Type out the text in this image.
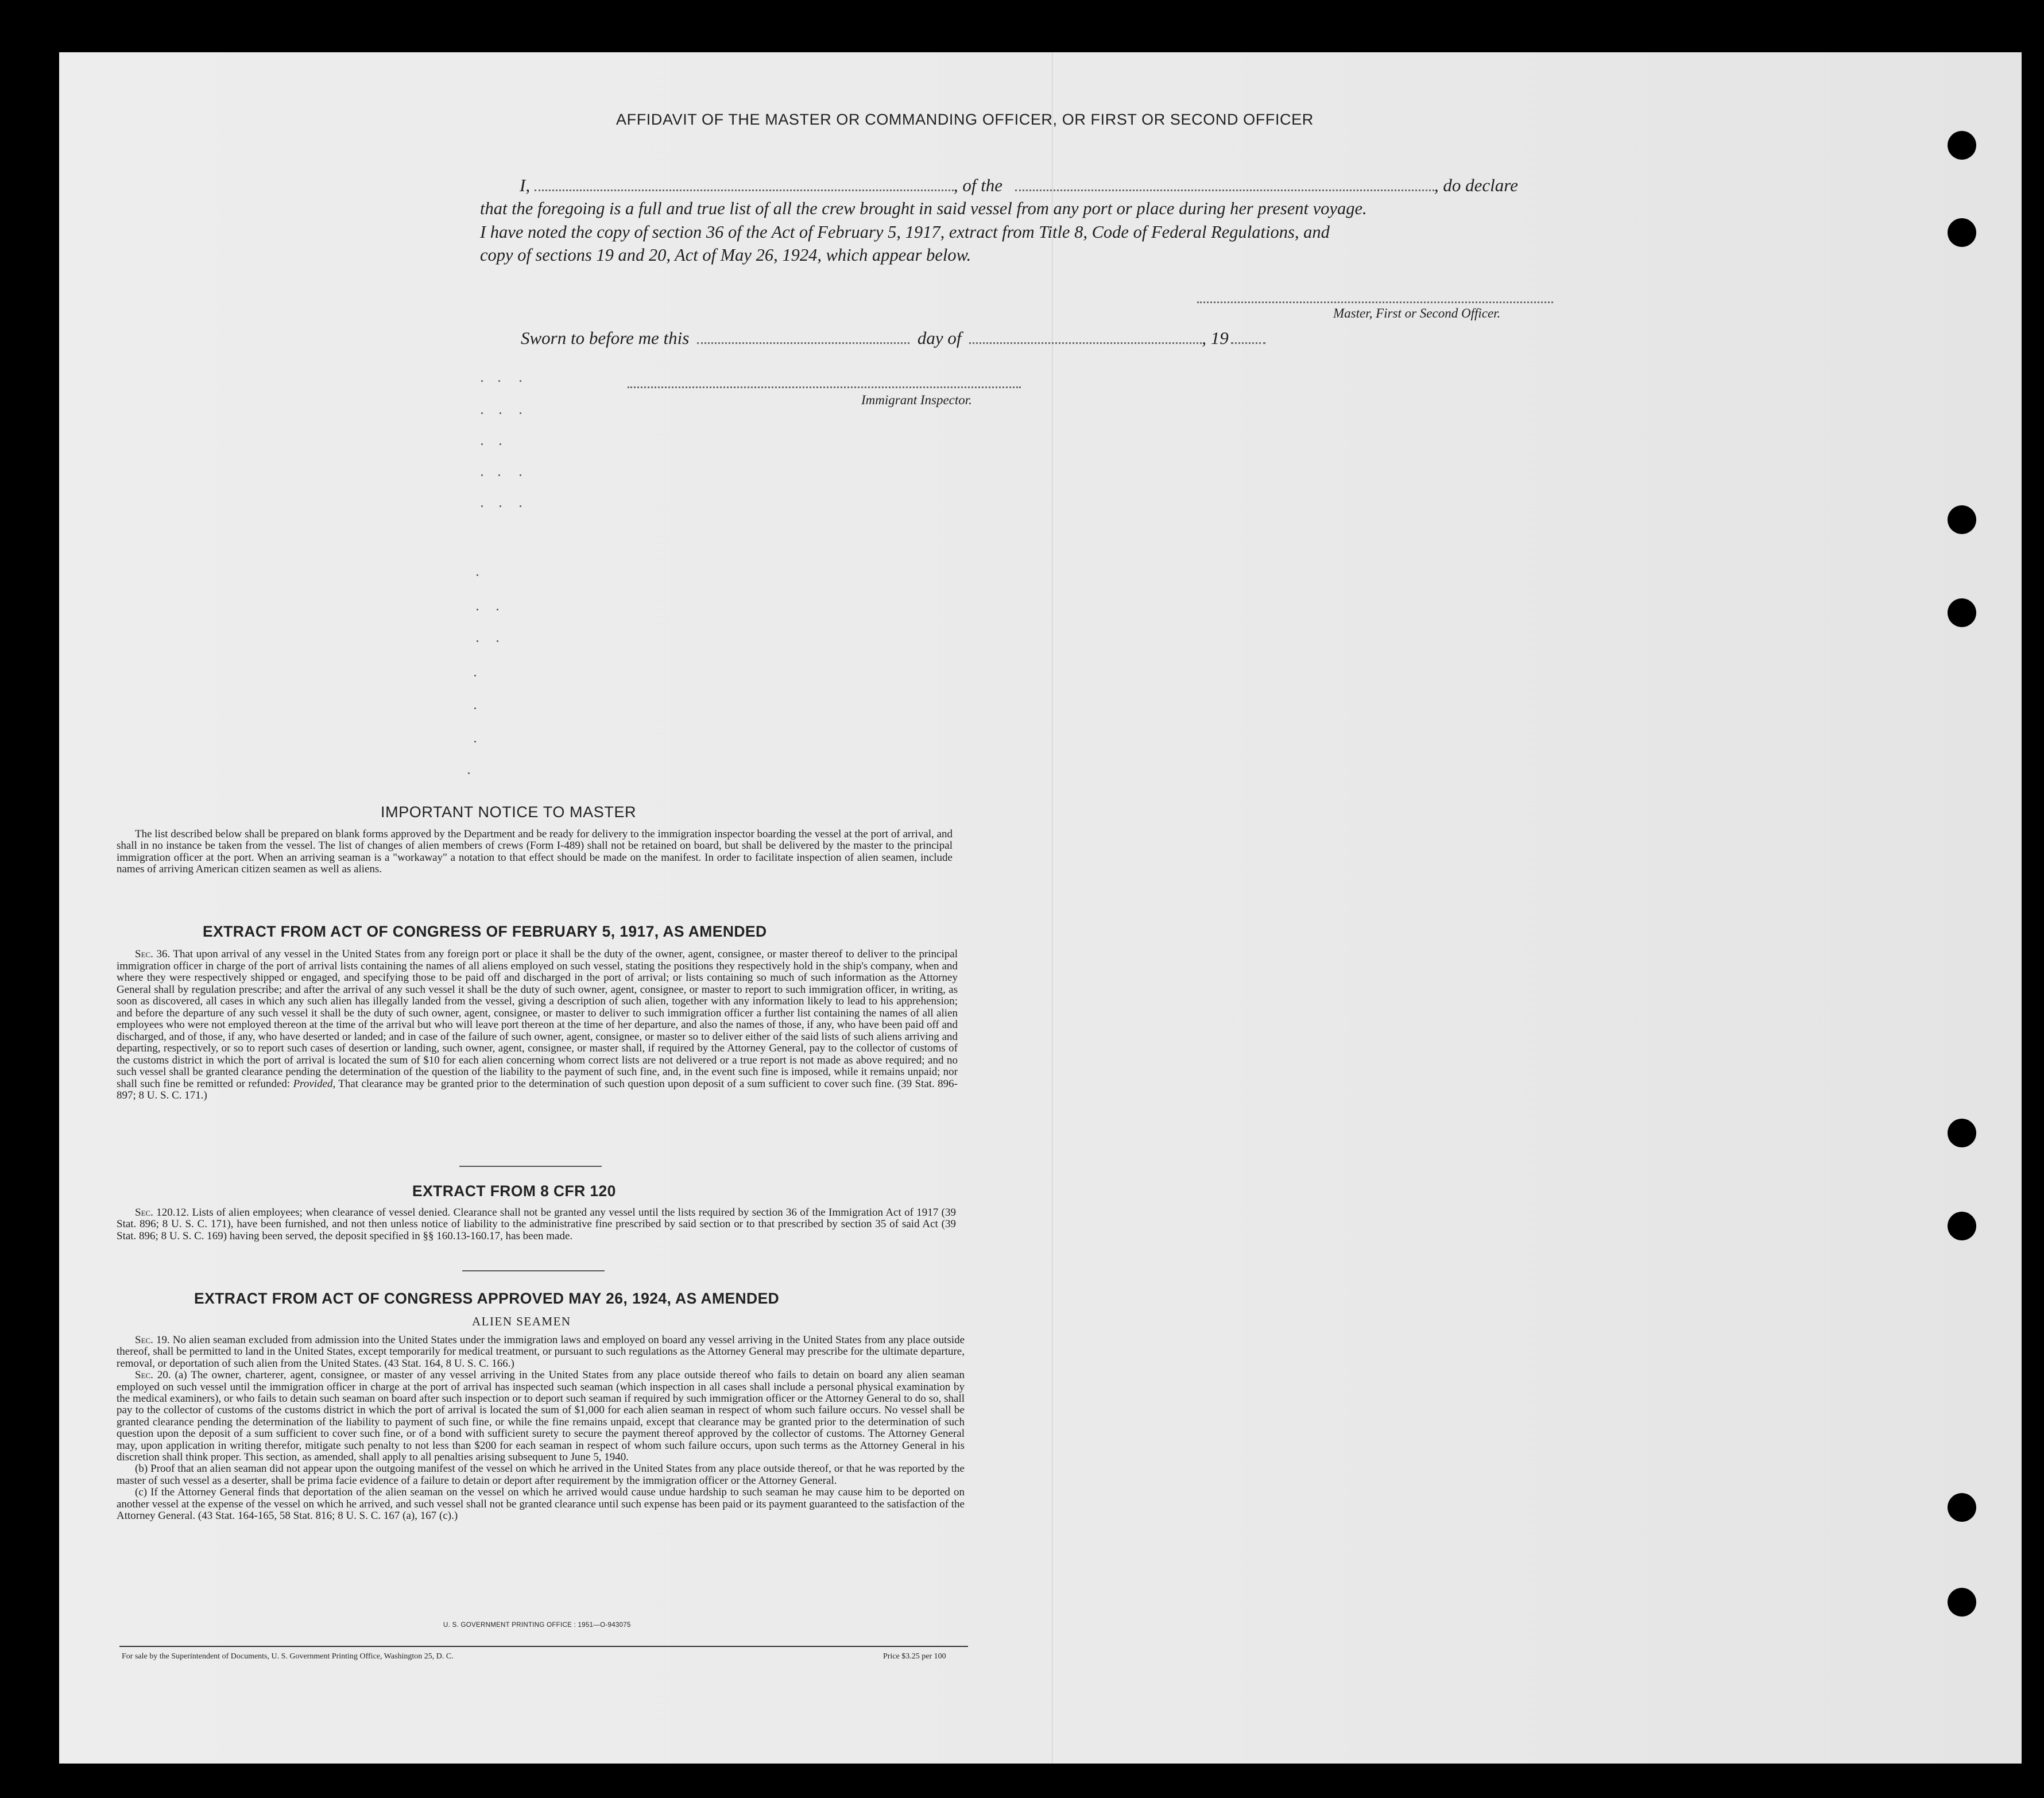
AFFIDAVIT OF THE MASTER OR COMMANDING OFFICER, OR FIRST OR SECOND OFFICER
I,	, of the	, do declare
that the foregoing is a full and true list of all the crew brought in said vessel from any port or place during her present voyage.
I have noted the copy of section 36 of the Act of February 5, 1917, extract from Title 8, Code of Federal Regulations, and
copy of sections 19 and 20, Act of May 26, 1924, which appear below.
Master, First or Second Officer.
Sworn to before me this	day of	, 19
Immigrant Inspector.
IMPORTANT NOTICE TO MASTER
The list described below shall be prepared on blank forms approved by the Department and be ready for delivery to the immigration inspector boarding the vessel at the port of arrival, and shall in no instance be taken from the vessel. The list of changes of alien members of crews (Form I-489) shall not be retained on board, but shall be delivered by the master to the principal immigration officer at the port. When an arriving seaman is a "workaway" a notation to that effect should be made on the manifest. In order to facilitate inspection of alien seamen, include names of arriving American citizen seamen as well as aliens.
EXTRACT FROM ACT OF CONGRESS OF FEBRUARY 5, 1917, AS AMENDED
Sec. 36. That upon arrival of any vessel in the United States from any foreign port or place it shall be the duty of the owner, agent, consignee, or master thereof to deliver to the principal immigration officer in charge of the port of arrival lists containing the names of all aliens employed on such vessel, stating the positions they respectively hold in the ship's company, when and where they were respectively shipped or engaged, and specifying those to be paid off and discharged in the port of arrival; or lists containing so much of such information as the Attorney General shall by regulation prescribe; and after the arrival of any such vessel it shall be the duty of such owner, agent, consignee, or master to report to such immigration officer, in writing, as soon as discovered, all cases in which any such alien has illegally landed from the vessel, giving a description of such alien, together with any information likely to lead to his apprehension; and before the departure of any such vessel it shall be the duty of such owner, agent, consignee, or master to deliver to such immigration officer a further list containing the names of all alien employees who were not employed thereon at the time of the arrival but who will leave port thereon at the time of her departure, and also the names of those, if any, who have been paid off and discharged, and of those, if any, who have deserted or landed; and in case of the failure of such owner, agent, consignee, or master so to deliver either of the said lists of such aliens arriving and departing, respectively, or so to report such cases of desertion or landing, such owner, agent, consignee, or master shall, if required by the Attorney General, pay to the collector of customs of the customs district in which the port of arrival is located the sum of $10 for each alien concerning whom correct lists are not delivered or a true report is not made as above required; and no such vessel shall be granted clearance pending the determination of the question of the liability to the payment of such fine, and, in the event such fine is imposed, while it remains unpaid; nor shall such fine be remitted or refunded: Provided, That clearance may be granted prior to the determination of such question upon deposit of a sum sufficient to cover such fine. (39 Stat. 896-897; 8 U. S. C. 171.)
EXTRACT FROM 8 CFR 120
Sec. 120.12. Lists of alien employees; when clearance of vessel denied. Clearance shall not be granted any vessel until the lists required by section 36 of the Immigration Act of 1917 (39 Stat. 896; 8 U. S. C. 171), have been furnished, and not then unless notice of liability to the administrative fine prescribed by said section or to that prescribed by section 35 of said Act (39 Stat. 896; 8 U. S. C. 169) having been served, the deposit specified in §§ 160.13-160.17, has been made.
EXTRACT FROM ACT OF CONGRESS APPROVED MAY 26, 1924, AS AMENDED
ALIEN SEAMEN

Sec. 19. No alien seaman excluded from admission into the United States under the immigration laws and employed on board any vessel arriving in the United States from any place outside thereof, shall be permitted to land in the United States, except temporarily for medical treatment, or pursuant to such regulations as the Attorney General may prescribe for the ultimate departure, removal, or deportation of such alien from the United States. (43 Stat. 164, 8 U. S. C. 166.)

Sec. 20. (a) The owner, charterer, agent, consignee, or master of any vessel arriving in the United States from any place outside thereof who fails to detain on board any alien seaman employed on such vessel until the immigration officer in charge at the port of arrival has inspected such seaman (which inspection in all cases shall include a personal physical examination by the medical examiners), or who fails to detain such seaman on board after such inspection or to deport such seaman if required by such immigration officer or the Attorney General to do so, shall pay to the collector of customs of the customs district in which the port of arrival is located the sum of $1,000 for each alien seaman in respect of whom such failure occurs. No vessel shall be granted clearance pending the determination of the liability to payment of such fine, or while the fine remains unpaid, except that clearance may be granted prior to the determination of such question upon the deposit of a sum sufficient to cover such fine, or of a bond with sufficient surety to secure the payment thereof approved by the collector of customs. The Attorney General may, upon application in writing therefor, mitigate such penalty to not less than $200 for each seaman in respect of whom such failure occurs, upon such terms as the Attorney General in his discretion shall think proper. This section, as amended, shall apply to all penalties arising subsequent to June 5, 1940.

(b) Proof that an alien seaman did not appear upon the outgoing manifest of the vessel on which he arrived in the United States from any place outside thereof, or that he was reported by the master of such vessel as a deserter, shall be prima facie evidence of a failure to detain or deport after requirement by the immigration officer or the Attorney General.

(c) If the Attorney General finds that deportation of the alien seaman on the vessel on which he arrived would cause undue hardship to such seaman he may cause him to be deported on another vessel at the expense of the vessel on which he arrived, and such vessel shall not be granted clearance until such expense has been paid or its payment guaranteed to the satisfaction of the Attorney General. (43 Stat. 164-165, 58 Stat. 816; 8 U. S. C. 167 (a), 167 (c).)

U. S. GOVERNMENT PRINTING OFFICE : 1951—O-943075
For sale by the Superintendent of Documents, U. S. Government Printing Office, Washington 25, D. C.	Price $3.25 per 100
